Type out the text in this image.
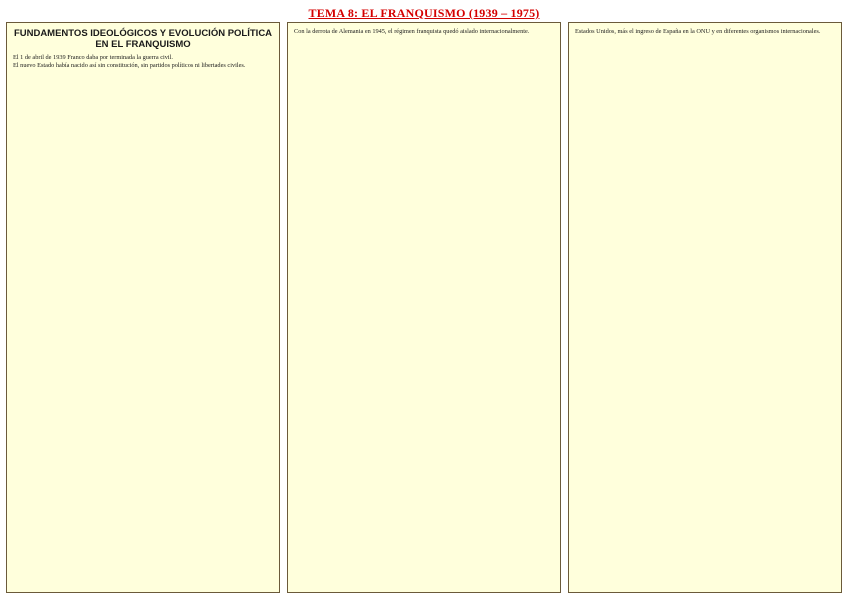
TEMA 8: EL FRANQUISMO (1939 – 1975)
FUNDAMENTOS IDEOLÓGICOS Y EVOLUCIÓN POLÍTICA EN EL FRANQUISMO

El 1 de abril de 1939 Franco daba por terminada la guerra civil.

El nuevo Estado había nacido así sin constitución, sin partidos políticos ni libertades civiles.

Con la derrota de Alemania en 1945, el régimen franquista quedó aislado internacionalmente.	Estados Unidos, más el ingreso de España en la ONU y en diferentes organismos internacionales.
